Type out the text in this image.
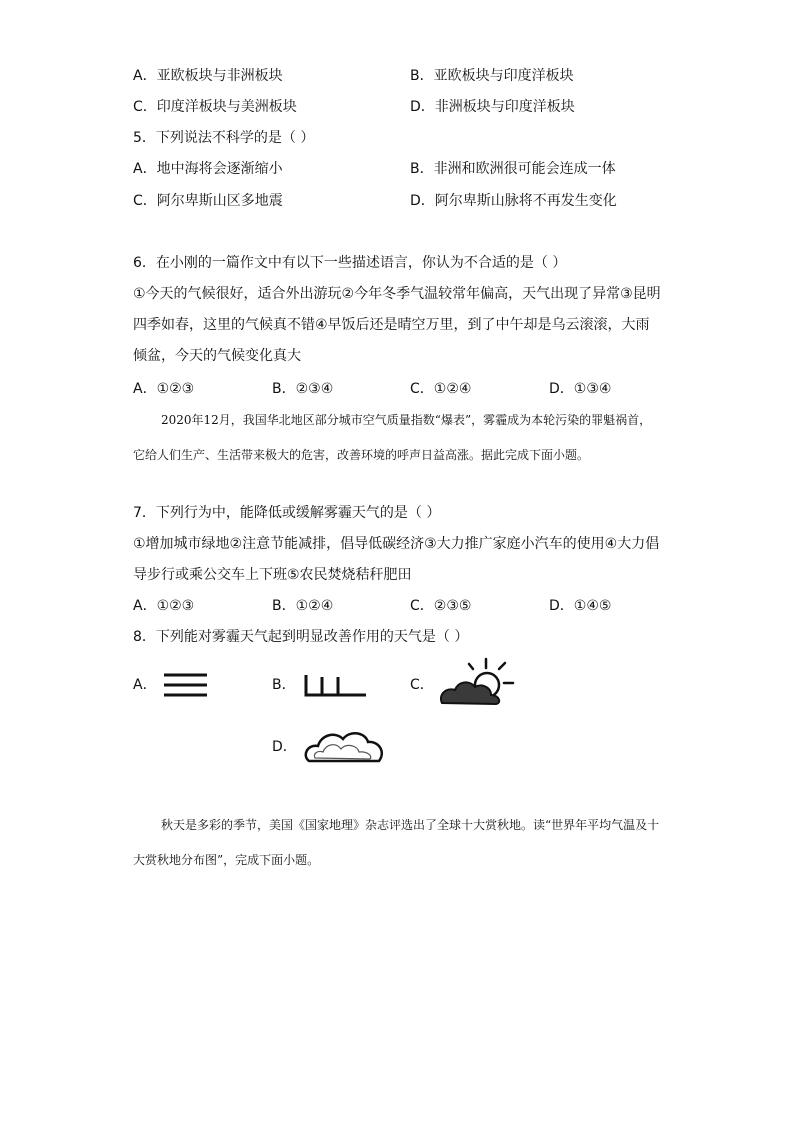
A．亚欧板块与非洲板块	B．亚欧板块与印度洋板块
C．印度洋板块与美洲板块	D．非洲板块与印度洋板块
5．下列说法不科学的是（ ）
A．地中海将会逐渐缩小	B．非洲和欧洲很可能会连成一体
C．阿尔卑斯山区多地震	D．阿尔卑斯山脉将不再发生变化
6．在小刚的一篇作文中有以下一些描述语言，你认为不合适的是（ ）
①今天的气候很好，适合外出游玩②今年冬季气温较常年偏高，天气出现了异常③昆明四季如春，这里的气候真不错④早饭后还是晴空万里，到了中午却是乌云滚滚，大雨倾盆，今天的气候变化真大
A．①②③	B．②③④	C．①②④	D．①③④
2020年12月，我国华北地区部分城市空气质量指数“爆表”，雾霾成为本轮污染的罪魁祸首，它给人们生产、生活带来极大的危害，改善环境的呼声日益高涨。据此完成下面小题。
7．下列行为中，能降低或缓解雾霾天气的是（ ）
①增加城市绿地②注意节能减排，倡导低碳经济③大力推广家庭小汽车的使用④大力倡导步行或乘公交车上下班⑤农民焚烧秸秆肥田
A．①②③	B．①②④	C．②③⑤	D．①④⑤
8．下列能对雾霾天气起到明显改善作用的天气是（ ）
A．	B．	C．
D．
秋天是多彩的季节，美国《国家地理》杂志评选出了全球十大赏秋地。读“世界年平均气温及十大赏秋地分布图”，完成下面小题。
